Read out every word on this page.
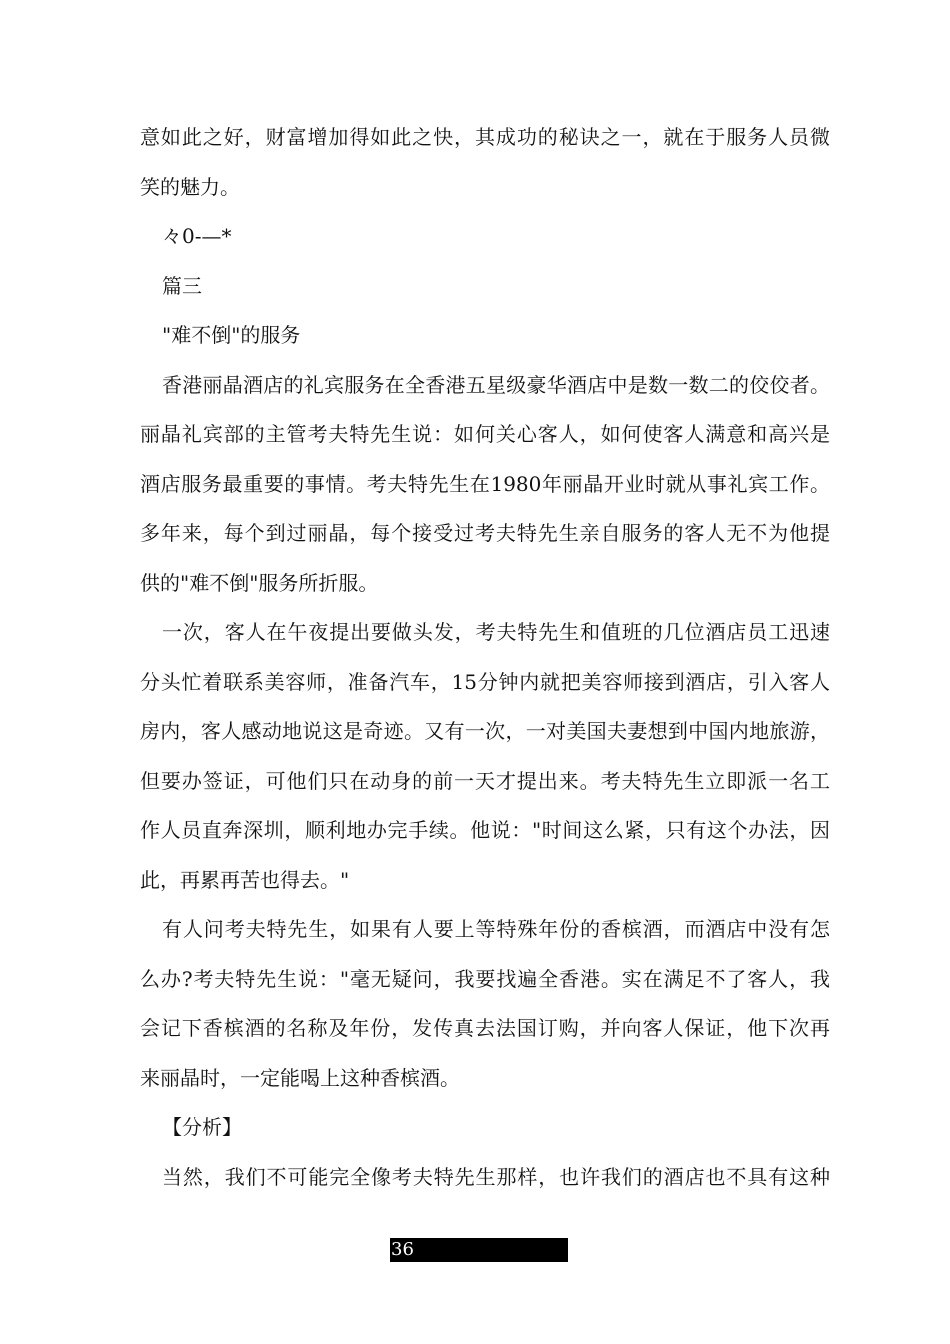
意如此之好，财富增加得如此之快，其成功的秘诀之一，就在于服务人员微
笑的魅力。
々0-—*
篇三
"难不倒"的服务
香港丽晶酒店的礼宾服务在全香港五星级豪华酒店中是数一数二的佼佼者。
丽晶礼宾部的主管考夫特先生说：如何关心客人，如何使客人满意和高兴是
酒店服务最重要的事情。考夫特先生在1980年丽晶开业时就从事礼宾工作。
多年来，每个到过丽晶，每个接受过考夫特先生亲自服务的客人无不为他提
供的"难不倒"服务所折服。
一次，客人在午夜提出要做头发，考夫特先生和值班的几位酒店员工迅速
分头忙着联系美容师，准备汽车，15分钟内就把美容师接到酒店，引入客人
房内，客人感动地说这是奇迹。又有一次，一对美国夫妻想到中国内地旅游，
但要办签证，可他们只在动身的前一天才提出来。考夫特先生立即派一名工
作人员直奔深圳，顺利地办完手续。他说："时间这么紧，只有这个办法，因
此，再累再苦也得去。"
有人问考夫特先生，如果有人要上等特殊年份的香槟酒，而酒店中没有怎
么办?考夫特先生说："毫无疑问，我要找遍全香港。实在满足不了客人，我
会记下香槟酒的名称及年份，发传真去法国订购，并向客人保证，他下次再
来丽晶时，一定能喝上这种香槟酒。
【分析】
当然，我们不可能完全像考夫特先生那样，也许我们的酒店也不具有这种
36
